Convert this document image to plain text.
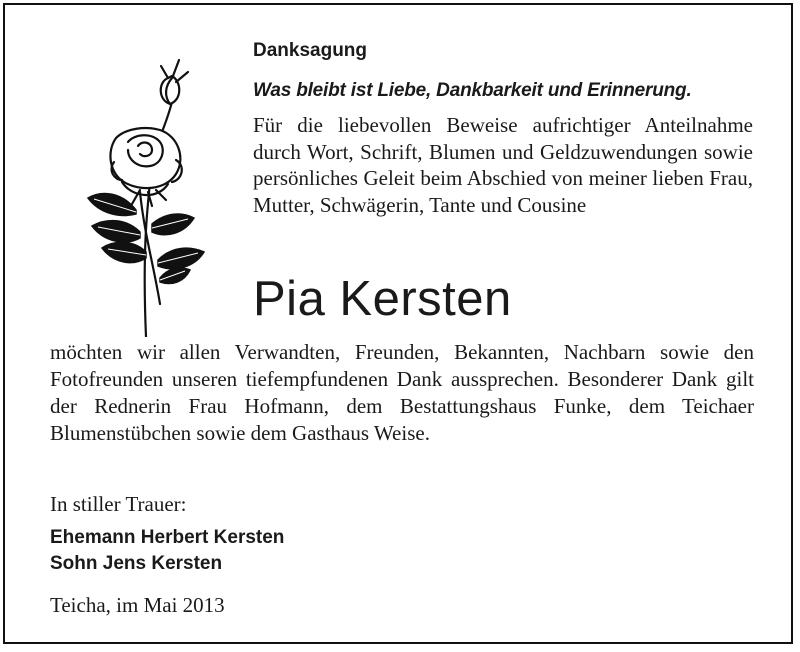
Danksagung

Was bleibt ist Liebe, Dankbarkeit und Erinnerung.

Für die liebevollen Beweise aufrichtiger Anteilnahme durch Wort, Schrift, Blumen und Geldzuwendungen sowie persönliches Geleit beim Abschied von meiner lieben Frau, Mutter, Schwägerin, Tante und Cousine

Pia Kersten

möchten wir allen Verwandten, Freunden, Bekannten, Nachbarn sowie den Fotofreunden unseren tiefempfundenen Dank aussprechen. Besonderer Dank gilt der Rednerin Frau Hofmann, dem Bestattungshaus Funke, dem Teichaer Blumenstübchen sowie dem Gasthaus Weise.

In stiller Trauer:

Ehemann Herbert Kersten

Sohn Jens Kersten

Teicha, im Mai 2013
